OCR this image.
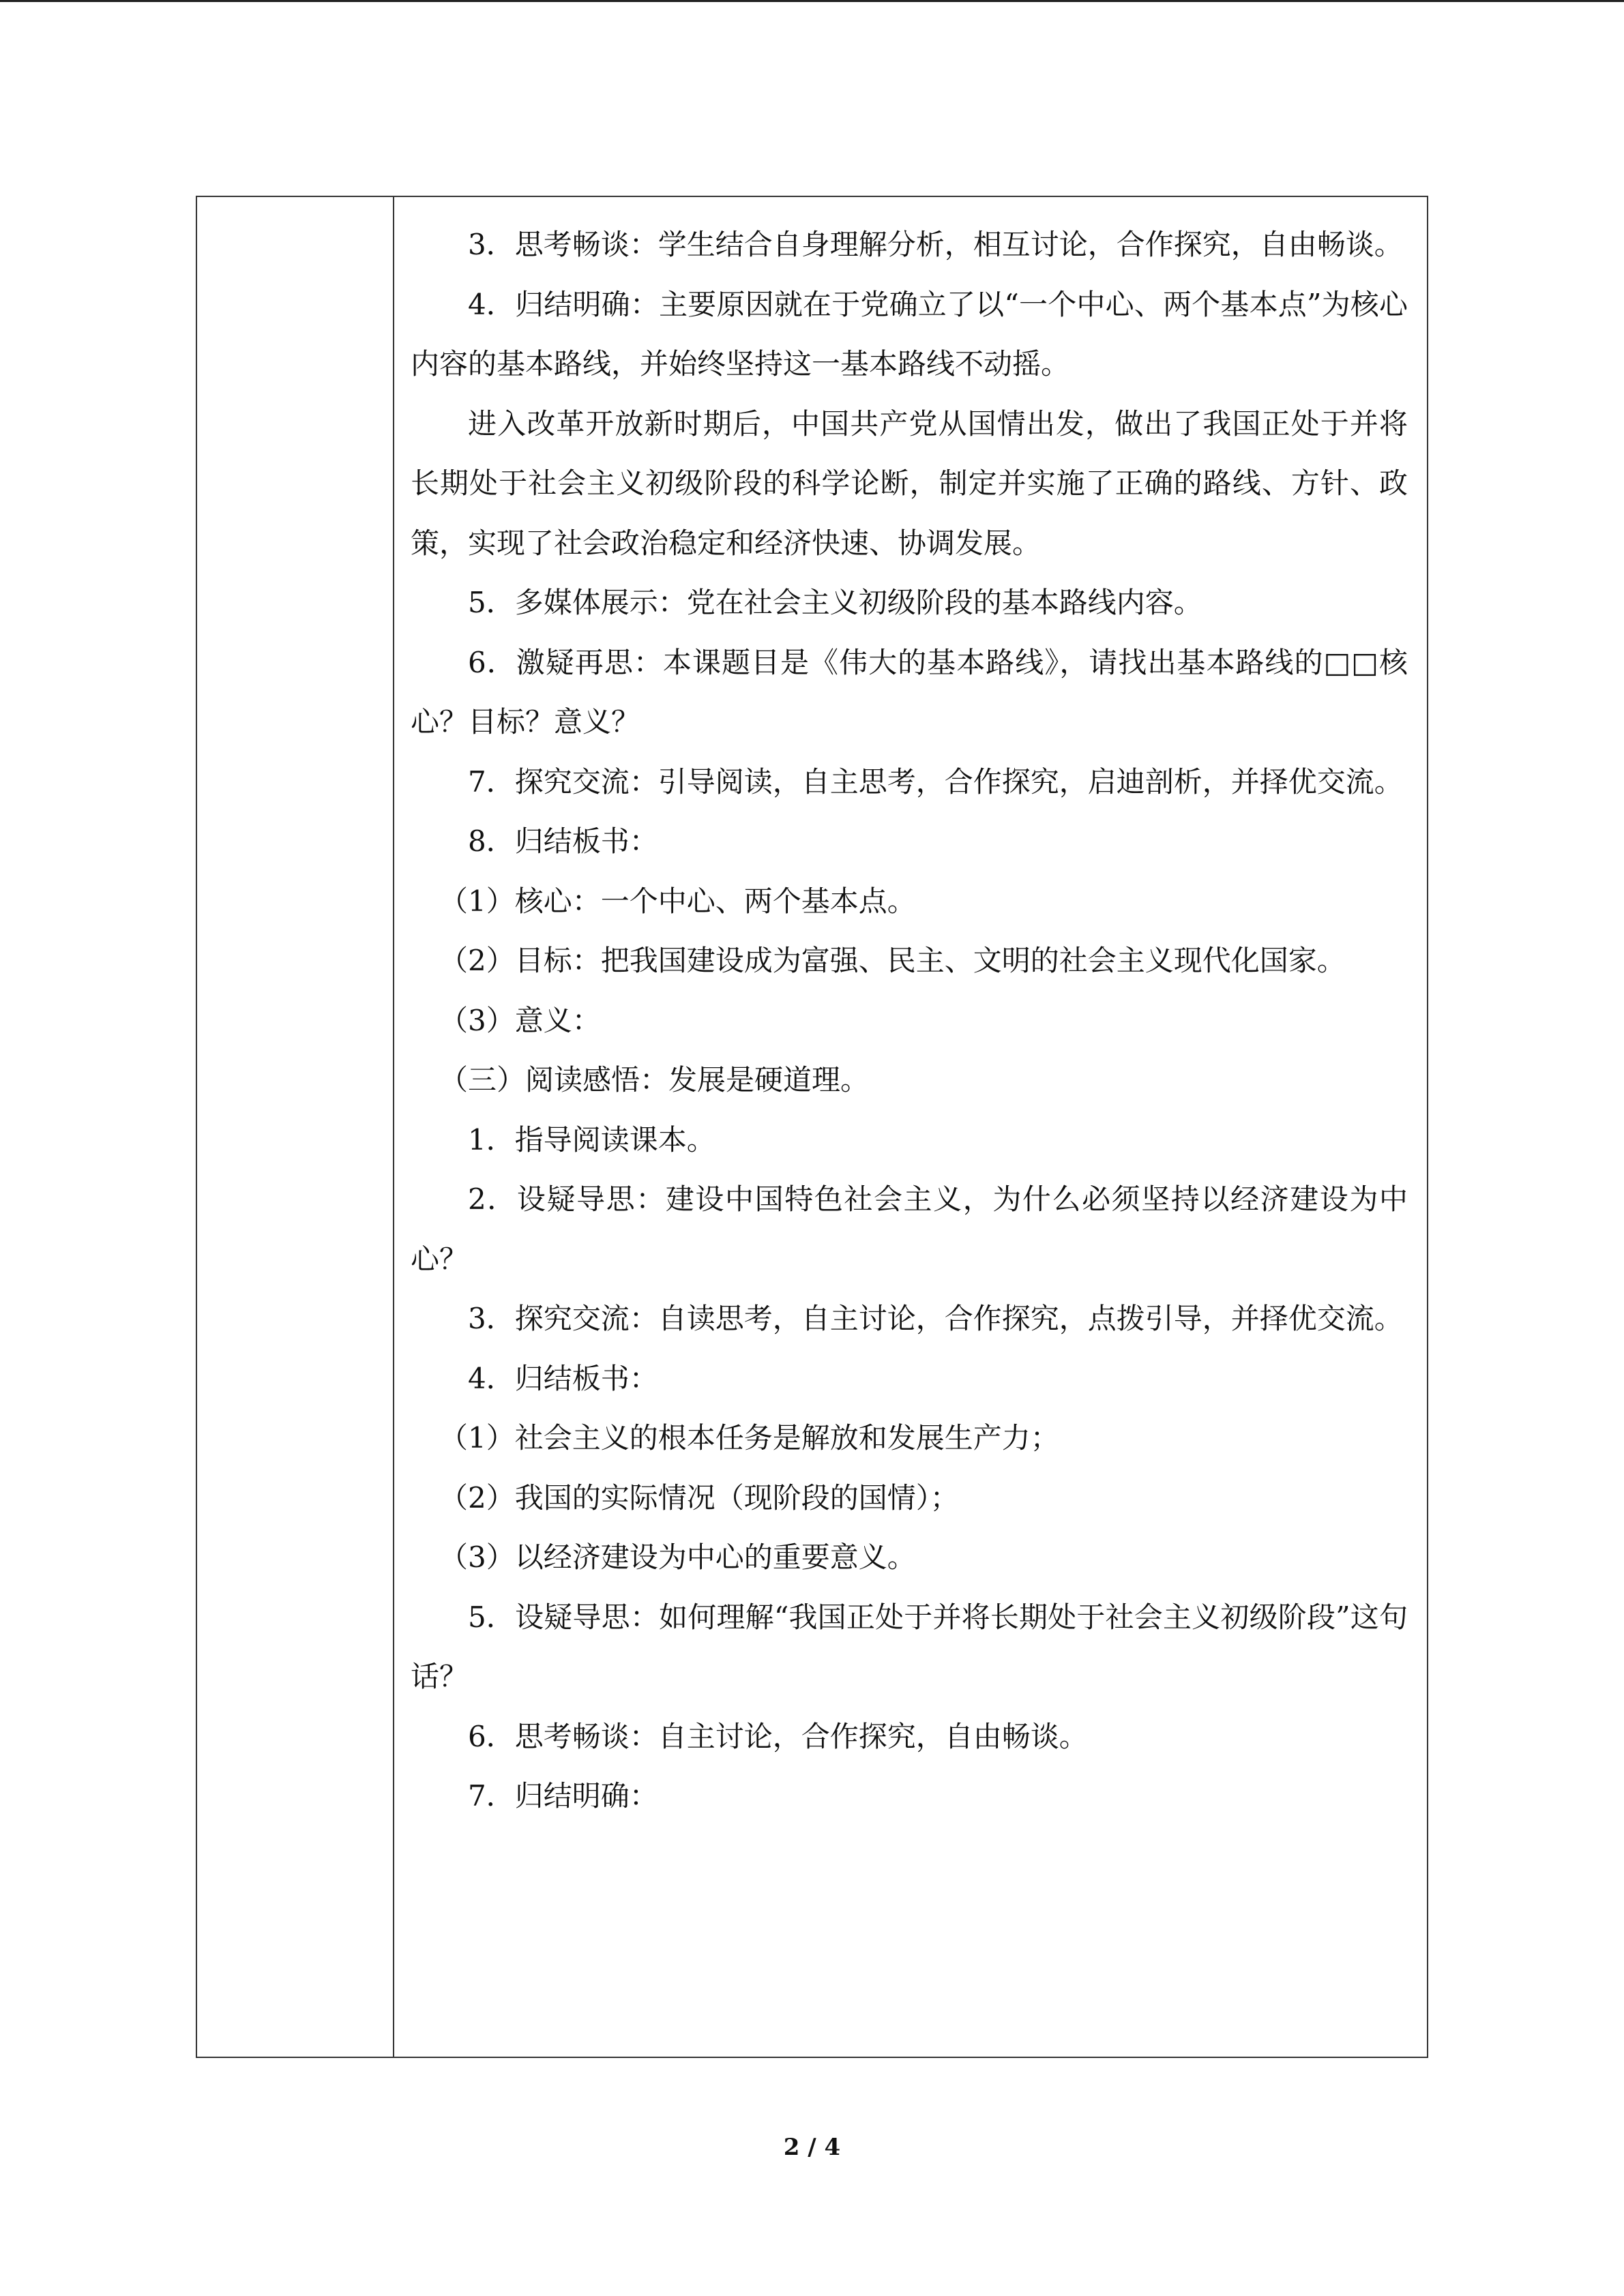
3．思考畅谈：学生结合自身理解分析，相互讨论，合作探究，自由畅谈。

4．归结明确：主要原因就在于党确立了以“一个中心、两个基本点”为核心内容的基本路线，并始终坚持这一基本路线不动摇。

进入改革开放新时期后，中国共产党从国情出发，做出了我国正处于并将长期处于社会主义初级阶段的科学论断，制定并实施了正确的路线、方针、政策，实现了社会政治稳定和经济快速、协调发展。

5．多媒体展示：党在社会主义初级阶段的基本路线内容。

6．激疑再思：本课题目是《伟大的基本路线》，请找出基本路线的□□核心？目标？意义？

7．探究交流：引导阅读，自主思考，合作探究，启迪剖析，并择优交流。

8．归结板书：

（1）核心：一个中心、两个基本点。

（2）目标：把我国建设成为富强、民主、文明的社会主义现代化国家。

（3）意义：

（三）阅读感悟：发展是硬道理。

1．指导阅读课本。

2．设疑导思：建设中国特色社会主义，为什么必须坚持以经济建设为中心？

3．探究交流：自读思考，自主讨论，合作探究，点拨引导，并择优交流。

4．归结板书：

（1）社会主义的根本任务是解放和发展生产力；

（2）我国的实际情况（现阶段的国情）；

（3）以经济建设为中心的重要意义。

5．设疑导思：如何理解“我国正处于并将长期处于社会主义初级阶段”这句话？

6．思考畅谈：自主讨论，合作探究，自由畅谈。

7．归结明确：

2 / 4
